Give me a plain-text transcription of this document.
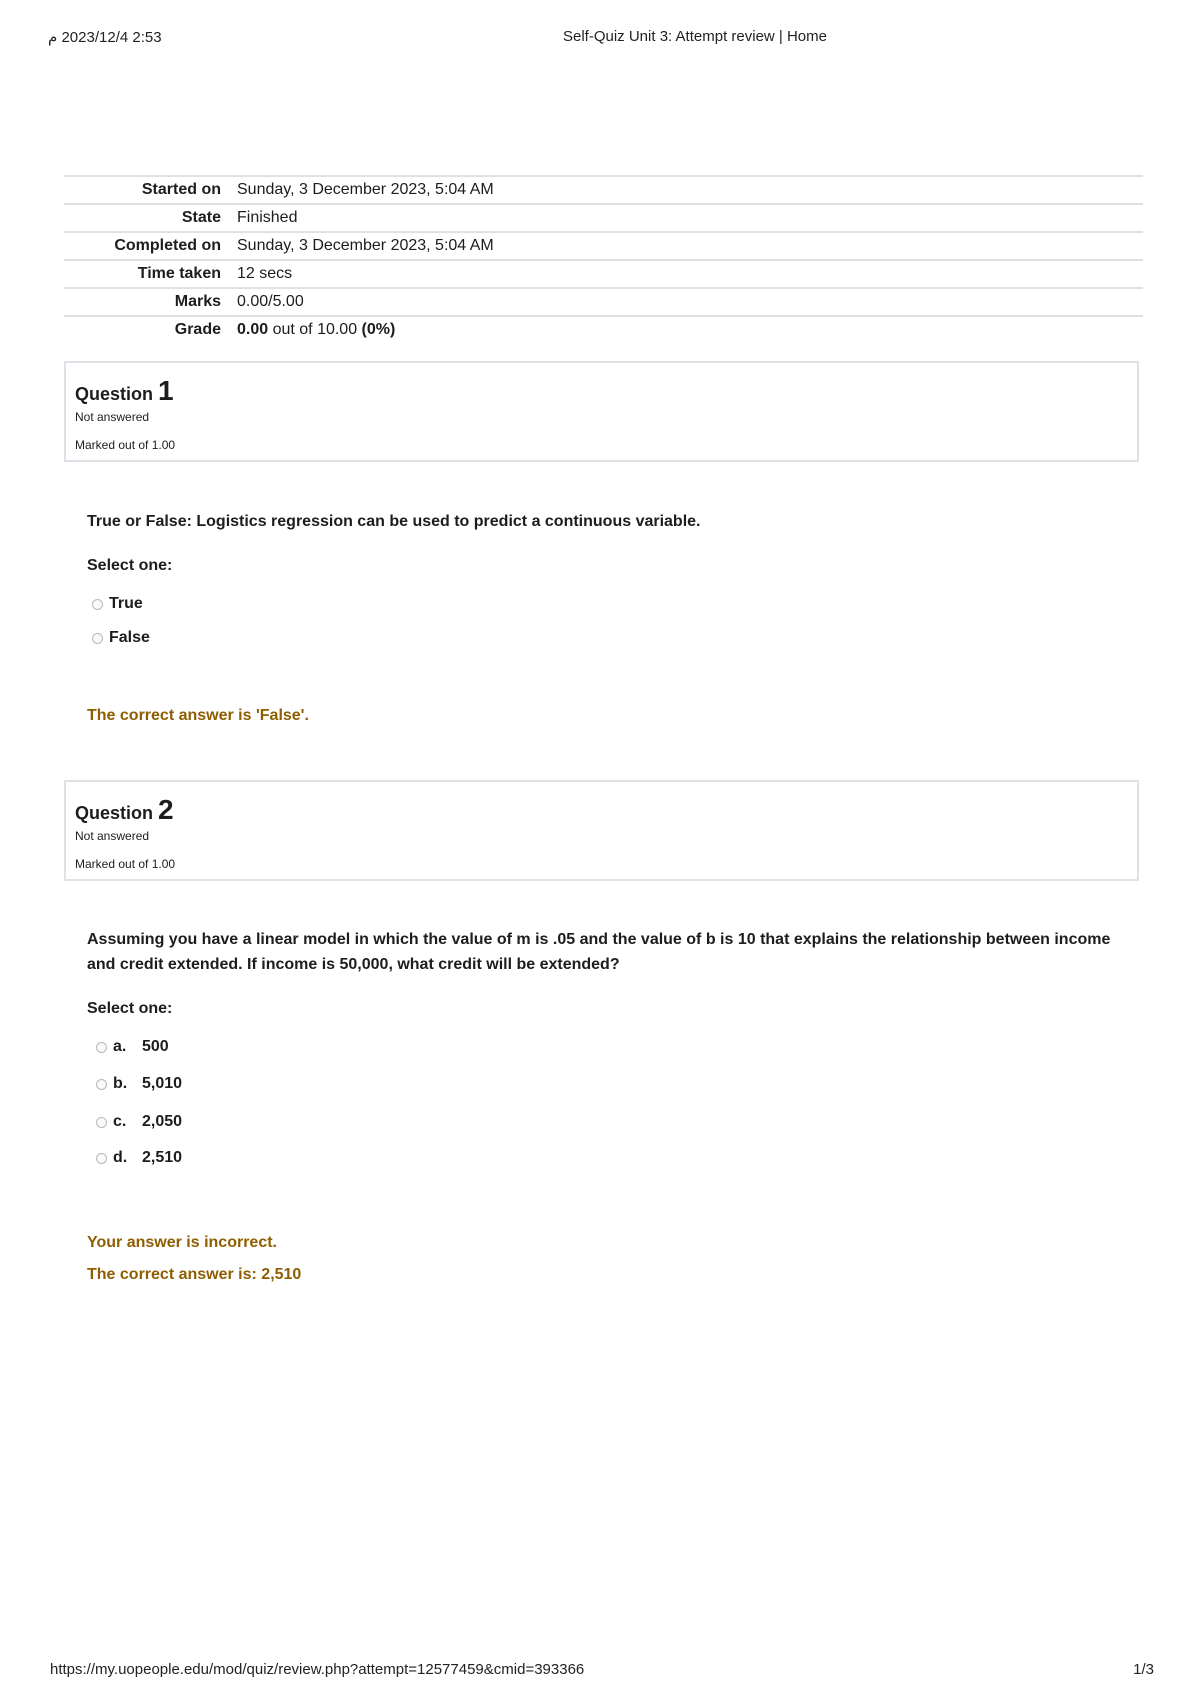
2:53 2023/12/4 م	Self-Quiz Unit 3: Attempt review | Home
Started on	Sunday, 3 December 2023, 5:04 AM
State	Finished
Completed on	Sunday, 3 December 2023, 5:04 AM
Time taken	12 secs
Marks	0.00/5.00
Grade	0.00 out of 10.00 (0%)
Question 1
Not answered
Marked out of 1.00
True or False: Logistics regression can be used to predict a continuous variable.
Select one:
True
False
The correct answer is 'False'.
Question 2
Not answered
Marked out of 1.00
Assuming you have a linear model in which the value of m is .05 and the value of b is 10 that explains the relationship between income and credit extended. If income is 50,000, what credit will be extended?
Select one:
a. 500
b. 5,010
c. 2,050
d. 2,510
Your answer is incorrect.
The correct answer is: 2,510
https://my.uopeople.edu/mod/quiz/review.php?attempt=12577459&cmid=393366	1/3
